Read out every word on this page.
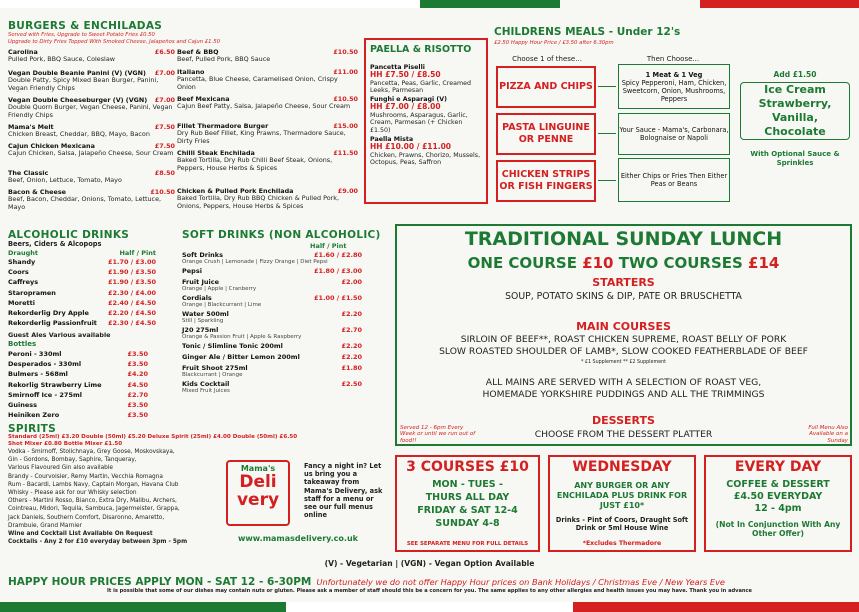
BURGERS & ENCHILADAS
Served with Fries, Upgrade to Sweet Potato Fries £0.50
Upgrade to Dirty Fries Topped With Smoked Cheese, Jalapeños and Cajun £1.50
Carolina	£6.50

Pulled Pork, BBQ Sauce, Coleslaw
Vegan Double Beanie Panini (V) (VGN) £7.00

Double Patty, Spicy Mixed Bean Burger, Panini, Vegan Friendly Chips
Vegan Double Cheeseburger (V) (VGN) £7.00

Double Quorn Burger, Vegan Cheese, Panini, Vegan Friendly Chips
Mama's Melt	£7.50

Chicken Breast, Cheddar, BBQ, Mayo, Bacon
Cajun Chicken Mexicana	£7.50

Cajun Chicken, Salsa, Jalapeño Cheese, Sour Cream
The Classic	£8.50

Beef, Onion, Lettuce, Tomato, Mayo
Bacon & Cheese	£10.50

Beef, Bacon, Cheddar, Onions, Tomato, Lettuce, Mayo
Beef & BBQ	£10.50

Beef, Pulled Pork, BBQ Sauce
Italiano	£11.00

Pancetta, Blue Cheese, Caramelised Onion, Crispy Onion
Beef Mexicana	£10.50

Cajun Beef Patty, Salsa, Jalapeño Cheese, Sour Cream
Fillet Thermadore Burger	£15.00

Dry Rub Beef Fillet, King Prawns, Thermadore Sauce, Dirty Fries
Chilli Steak Enchilada	£11.50

Baked Tortilla, Dry Rub Chilli Beef Steak, Onions, Peppers, House Herbs & Spices
Chicken & Pulled Pork Enchilada	£9.00

Baked Tortilla, Dry Rub BBQ Chicken & Pulled Pork, Onions, Peppers, House Herbs & Spices
PAELLA & RISOTTO
Pancetta Piselli
HH £7.50 / £8.50
Pancetta, Peas, Garlic, Creamed Leeks, Parmesan
Funghi e Asparagi (V)
HH £7.00 / £8.00
Mushrooms, Asparagus, Garlic, Cream, Parmesan (+ Chicken £1.50)
Paella Mista
HH £10.00 / £11.00
Chicken, Prawns, Chorizo, Mussels, Octopus, Peas, Saffron
CHILDRENS MEALS - Under 12's
£2.50 Happy Hour Price / £3.50 after 6.30pm
Choose 1 of these...	Then Choose...
PIZZA AND CHIPS
PASTA LINGUINE OR PENNE
CHICKEN STRIPS OR FISH FINGERS
1 Meat & 1 Veg
Spicy Pepperoni, Ham, Chicken, Sweetcorn, Onion, Mushrooms, Peppers
Your Sauce - Mama's, Carbonara, Bolognaise or Napoli
Either Chips or Fries Then Either Peas or Beans
Add £1.50
Ice Cream Strawberry, Vanilla, Chocolate
With Optional Sauce & Sprinkles
ALCOHOLIC DRINKS
Beers, Ciders & Alcopops
Draught	Half / Pint
Shandy	£1.70 / £3.00
Coors	£1.90 / £3.50
Caffreys	£1.90 / £3.50
Staropramen	£2.30 / £4.00
Moretti	£2.40 / £4.50
Rekorderlig Dry Apple	£2.20 / £4.50
Rekorderlig Passionfruit £2.30 / £4.50
Guest Ales Various available
Bottles
Peroni - 330ml	£3.50
Desperados - 330ml	£3.50
Bulmers - 568ml	£4.20
Rekorlig Strawberry Lime	£4.50
Smirnoff Ice - 275ml	£2.70
Guiness	£3.50
Heiniken Zero	£3.50
SPIRITS
Standard (25ml) £3.20 Double (50ml) £5.20 Deluxe Spirit (25ml) £4.00 Double (50ml) £6.50
Shot Mixer £0.80 Bottle Mixer £1.50
Vodka - Smirnoff, Stolichnaya, Grey Goose, Moskovskaya,
Gin - Gordons, Bombay, Saphire, Tanqueray,
Various Flavoured Gin also available
Brandy - Courvoisier, Remy Martin, Vecchia Romagna
Rum - Bacardi, Lambs Navy, Captain Morgan, Havana Club
Whisky - Please ask for our Whisky selection
Others - Martini Rosso, Bianco, Extra Dry, Malibu, Archers,
Cointreau, Midori, Tequila, Sambuca, Jagermeister, Grappa,
Jack Daniels, Southern Comfort, Disaronno, Amaretto,
Drambuie, Grand Marnier
Wine and Cocktail List Available On Request
Cocktails - Any 2 for £10 everyday between 3pm - 5pm
SOFT DRINKS (NON ALCOHOLIC)
Half / Pint
Soft Drinks	£1.60 / £2.80
Orange Crush | Lemonade | Fizzy Orange | Diet Pepsi
Pepsi	£1.80 / £3.00
Fruit Juice	£2.00
Orange | Apple | Cranberry
Cordials	£1.00 / £1.50
Orange | Blackcurrant | Lime
Water 500ml	£2.20
Still | Sparkling
J20 275ml	£2.70
Orange & Passion Fruit | Apple & Raspberry
Tonic / Slimline Tonic 200ml	£2.20
Ginger Ale / Bitter Lemon 200ml	£2.20
Fruit Shoot 275ml	£1.80
Blackcurrant | Orange
Kids Cocktail	£2.50
Mixed Fruit Juices
Mama's
Deli
very
Fancy a night in? Let us bring you a takeaway from Mama's Delivery, ask staff for a menu or see our full menus online
www.mamasdelivery.co.uk
TRADITIONAL SUNDAY LUNCH
ONE COURSE £10 TWO COURSES £14
STARTERS
SOUP, POTATO SKINS & DIP, PATE OR BRUSCHETTA
MAIN COURSES
SIRLOIN OF BEEF**, ROAST CHICKEN SUPREME, ROAST BELLY OF PORK
SLOW ROASTED SHOULDER OF LAMB*, SLOW COOKED FEATHERBLADE OF BEEF
* £1 Supplement ** £2 Supplement
ALL MAINS ARE SERVED WITH A SELECTION OF ROAST VEG,
HOMEMADE YORKSHIRE PUDDINGS AND ALL THE TRIMMINGS
DESSERTS
CHOOSE FROM THE DESSERT PLATTER
Served 12 - 6pm Every Week or until we run out of food!!
Full Menu Also Available on a Sunday
3 COURSES £10
MON - TUES -
THURS ALL DAY
FRIDAY & SAT 12-4
SUNDAY 4-8
SEE SEPARATE MENU FOR FULL DETAILS
WEDNESDAY
ANY BURGER OR ANY ENCHILADA PLUS DRINK FOR JUST £10*
Drinks - Pint of Coors, Draught Soft Drink or 5ml House Wine
*Excludes Thermadore
EVERY DAY
COFFEE & DESSERT
£4.50 EVERYDAY
12 - 4pm
(Not In Conjunction With Any Other Offer)
(V) - Vegetarian | (VGN) - Vegan Option Available
HAPPY HOUR PRICES APPLY MON - SAT 12 - 6-30PM Unfortunately we do not offer Happy Hour prices on Bank Holidays / Christmas Eve / New Years Eve
It is possible that some of our dishes may contain nuts or gluten. Please ask a member of staff should this be a concern for you. The same applies to any other allergies and health issues you may have. Thank you in advance
